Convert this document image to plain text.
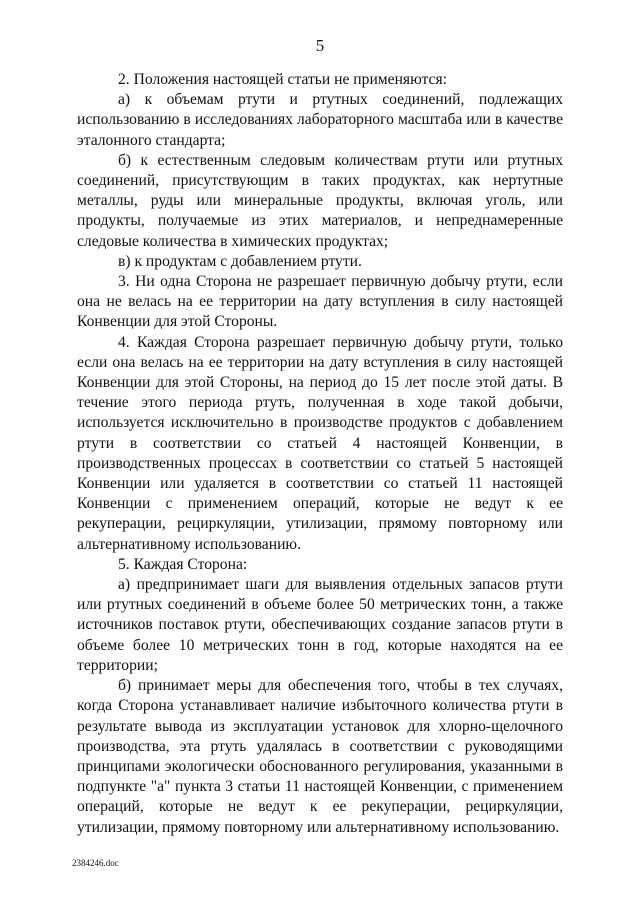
5

2. Положения настоящей статьи не применяются:

а) к объемам ртути и ртутных соединений, подлежащих использованию в исследованиях лабораторного масштаба или в качестве эталонного стандарта;

б) к естественным следовым количествам ртути или ртутных соединений, присутствующим в таких продуктах, как нертутные металлы, руды или минеральные продукты, включая уголь, или продукты, получаемые из этих материалов, и непреднамеренные следовые количества в химических продуктах;

в) к продуктам с добавлением ртути.

3. Ни одна Сторона не разрешает первичную добычу ртути, если она не велась на ее территории на дату вступления в силу настоящей Конвенции для этой Стороны.

4. Каждая Сторона разрешает первичную добычу ртути, только если она велась на ее территории на дату вступления в силу настоящей Конвенции для этой Стороны, на период до 15 лет после этой даты. В течение этого периода ртуть, полученная в ходе такой добычи, используется исключительно в производстве продуктов с добавлением ртути в соответствии со статьей 4 настоящей Конвенции, в производственных процессах в соответствии со статьей 5 настоящей Конвенции или удаляется в соответствии со статьей 11 настоящей Конвенции с применением операций, которые не ведут к ее рекуперации, рециркуляции, утилизации, прямому повторному или альтернативному использованию.

5. Каждая Сторона:

а) предпринимает шаги для выявления отдельных запасов ртути или ртутных соединений в объеме более 50 метрических тонн, а также источников поставок ртути, обеспечивающих создание запасов ртути в объеме более 10 метрических тонн в год, которые находятся на ее территории;

б) принимает меры для обеспечения того, чтобы в тех случаях, когда Сторона устанавливает наличие избыточного количества ртути в результате вывода из эксплуатации установок для хлорно-щелочного производства, эта ртуть удалялась в соответствии с руководящими принципами экологически обоснованного регулирования, указанными в подпункте "а" пункта 3 статьи 11 настоящей Конвенции, с применением операций, которые не ведут к ее рекуперации, рециркуляции, утилизации, прямому повторному или альтернативному использованию.

2384246.doc
